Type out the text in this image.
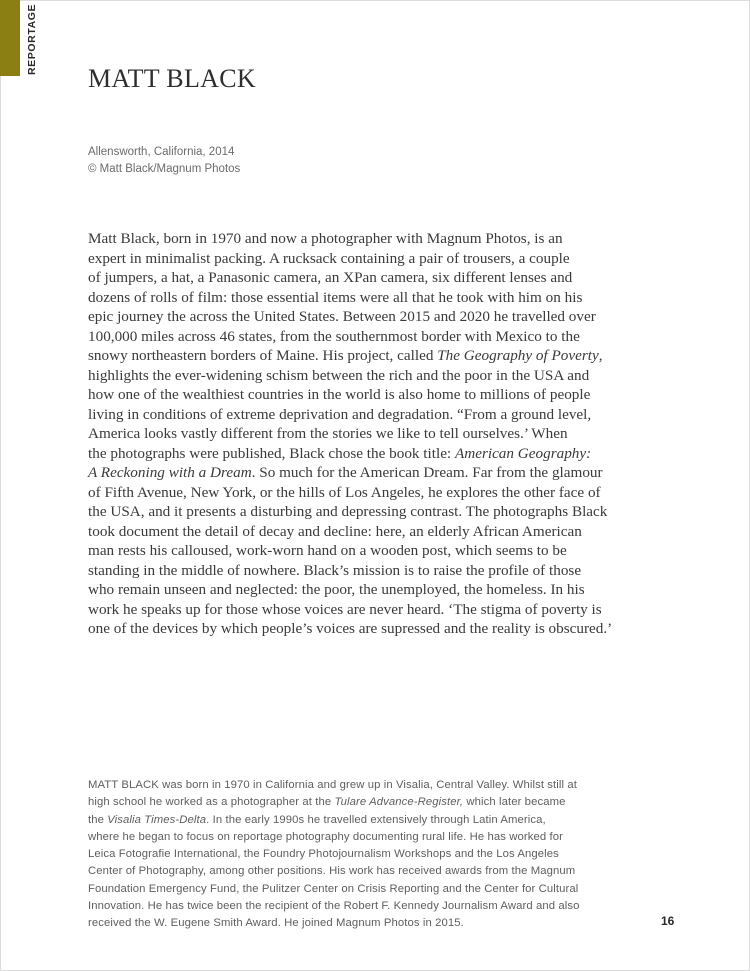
REPORTAGE
MATT BLACK
Allensworth, California, 2014
© Matt Black/Magnum Photos
Matt Black, born in 1970 and now a photographer with Magnum Photos, is an
expert in minimalist packing. A rucksack containing a pair of trousers, a couple
of jumpers, a hat, a Panasonic camera, an XPan camera, six different lenses and
dozens of rolls of film: those essential items were all that he took with him on his
epic journey the across the United States. Between 2015 and 2020 he travelled over
100,000 miles across 46 states, from the southernmost border with Mexico to the
snowy northeastern borders of Maine. His project, called The Geography of Poverty,
highlights the ever-widening schism between the rich and the poor in the USA and
how one of the wealthiest countries in the world is also home to millions of people
living in conditions of extreme deprivation and degradation. “From a ground level,
America looks vastly different from the stories we like to tell ourselves.’ When
the photographs were published, Black chose the book title: American Geography:
A Reckoning with a Dream. So much for the American Dream. Far from the glamour
of Fifth Avenue, New York, or the hills of Los Angeles, he explores the other face of
the USA, and it presents a disturbing and depressing contrast. The photographs Black
took document the detail of decay and decline: here, an elderly African American
man rests his calloused, work-worn hand on a wooden post, which seems to be
standing in the middle of nowhere. Black’s mission is to raise the profile of those
who remain unseen and neglected: the poor, the unemployed, the homeless. In his
work he speaks up for those whose voices are never heard. ‘The stigma of poverty is
one of the devices by which people’s voices are supressed and the reality is obscured.’
MATT BLACK was born in 1970 in California and grew up in Visalia, Central Valley. Whilst still at
high school he worked as a photographer at the Tulare Advance-Register, which later became
the Visalia Times-Delta. In the early 1990s he travelled extensively through Latin America,
where he began to focus on reportage photography documenting rural life. He has worked for
Leica Fotografie International, the Foundry Photojournalism Workshops and the Los Angeles
Center of Photography, among other positions. His work has received awards from the Magnum
Foundation Emergency Fund, the Pulitzer Center on Crisis Reporting and the Center for Cultural
Innovation. He has twice been the recipient of the Robert F. Kennedy Journalism Award and also
received the W. Eugene Smith Award. He joined Magnum Photos in 2015.	16
